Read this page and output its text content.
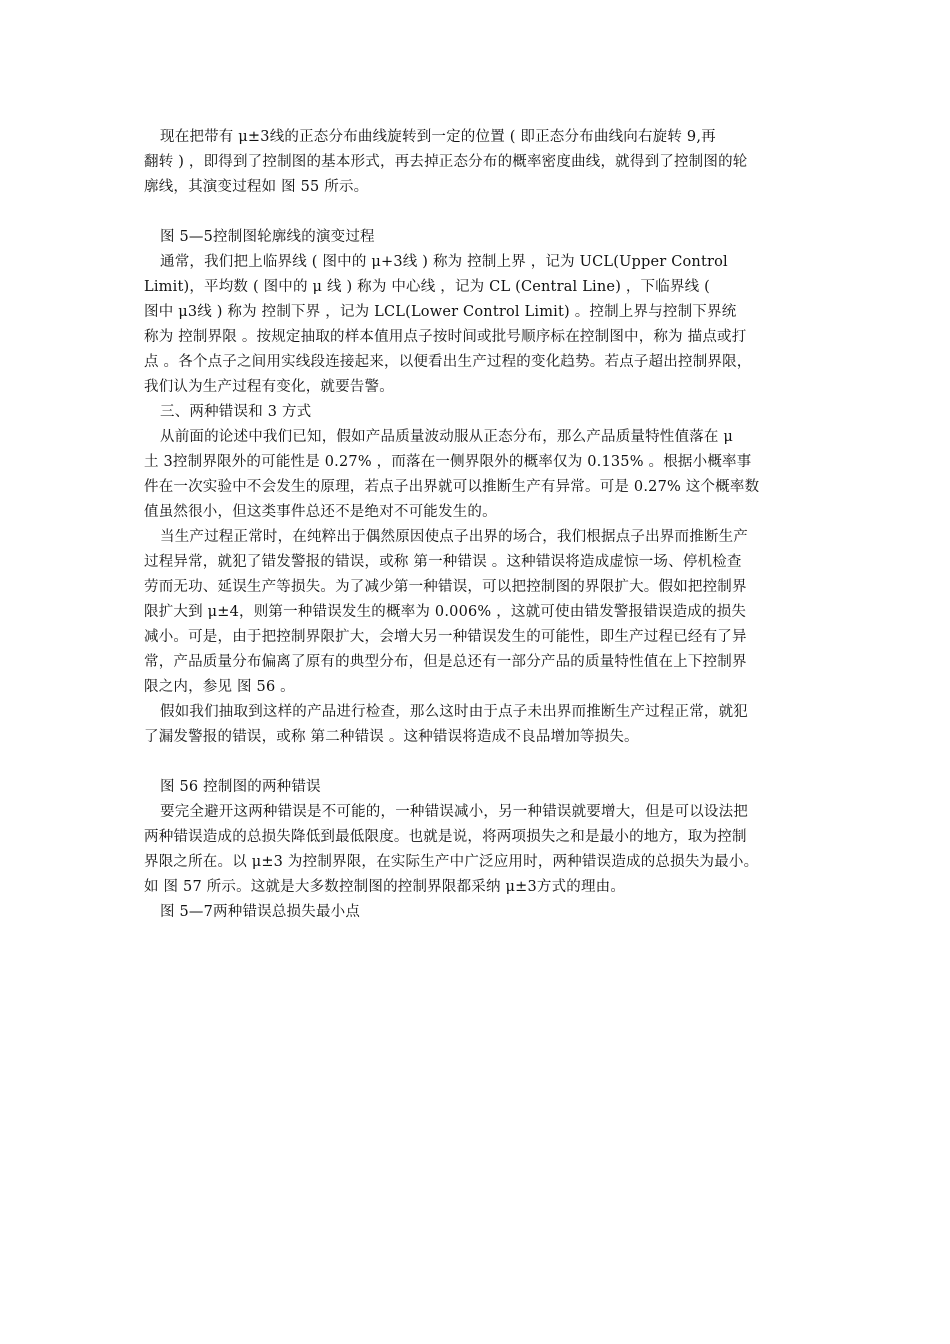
现在把带有 μ±3线的正态分布曲线旋转到一定的位置 ( 即正态分布曲线向右旋转 9,再
翻转 ) ，即得到了控制图的基本形式，再去掉正态分布的概率密度曲线，就得到了控制图的轮
廓线，其演变过程如 图 55 所示。
图 5—5控制图轮廓线的演变过程
通常，我们把上临界线 ( 图中的 μ+3线 ) 称为 控制上界 ，记为 UCL(Upper Control
Limit)，平均数 ( 图中的 μ 线 ) 称为 中心线 ，记为 CL (Central Line) ，下临界线 (
图中 μ3线 ) 称为 控制下界 ，记为 LCL(Lower Control Limit) 。控制上界与控制下界统
称为 控制界限 。按规定抽取的样本值用点子按时间或批号顺序标在控制图中，称为 描点或打
点 。各个点子之间用实线段连接起来，以便看出生产过程的变化趋势。若点子超出控制界限，
我们认为生产过程有变化，就要告警。
三、两种错误和 3 方式
从前面的论述中我们已知，假如产品质量波动服从正态分布，那么产品质量特性值落在 μ
土 3控制界限外的可能性是 0.27% ，而落在一侧界限外的概率仅为 0.135% 。根据小概率事
件在一次实验中不会发生的原理，若点子出界就可以推断生产有异常。可是 0.27% 这个概率数
值虽然很小，但这类事件总还不是绝对不可能发生的。
当生产过程正常时，在纯粹出于偶然原因使点子出界的场合，我们根据点子出界而推断生产
过程异常，就犯了错发警报的错误，或称 第一种错误 。这种错误将造成虚惊一场、停机检查
劳而无功、延误生产等损失。为了减少第一种错误，可以把控制图的界限扩大。假如把控制界
限扩大到 μ±4，则第一种错误发生的概率为 0.006% ，这就可使由错发警报错误造成的损失
减小。可是，由于把控制界限扩大，会增大另一种错误发生的可能性，即生产过程已经有了异
常，产品质量分布偏离了原有的典型分布，但是总还有一部分产品的质量特性值在上下控制界
限之内，参见 图 56 。
假如我们抽取到这样的产品进行检查，那么这时由于点子未出界而推断生产过程正常，就犯
了漏发警报的错误，或称 第二种错误 。这种错误将造成不良品增加等损失。
图 56 控制图的两种错误
要完全避开这两种错误是不可能的，一种错误减小，另一种错误就要增大，但是可以设法把
两种错误造成的总损失降低到最低限度。也就是说，将两项损失之和是最小的地方，取为控制
界限之所在。以 μ±3 为控制界限，在实际生产中广泛应用时，两种错误造成的总损失为最小。
如 图 57 所示。这就是大多数控制图的控制界限都采纳 μ±3方式的理由。
图 5—7两种错误总损失最小点
